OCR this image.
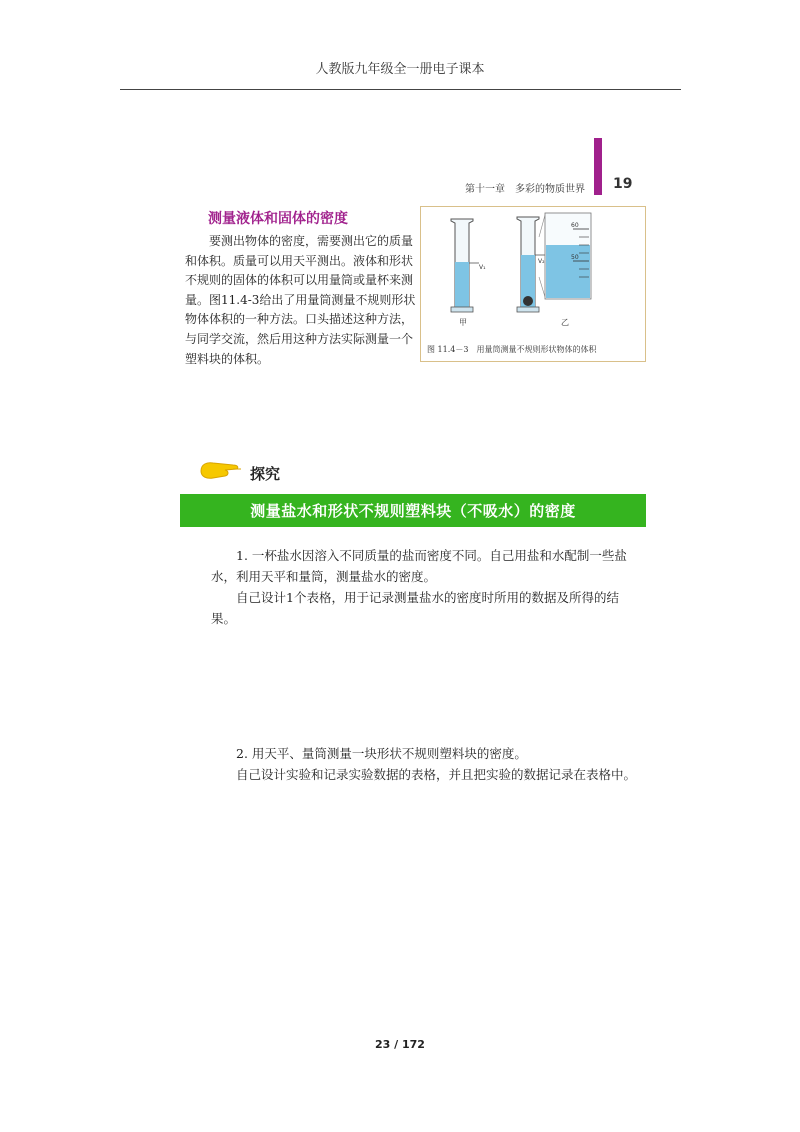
人教版九年级全一册电子课本
第十一章　多彩的物质世界 19
测量液体和固体的密度

要测出物体的密度，需要测出它的质量和体积。质量可以用天平测出。液体和形状不规则的固体的体积可以用量筒或量杯来测量。图11.4-3给出了用量筒测量不规则形状物体体积的一种方法。口头描述这种方法，与同学交流，然后用这种方法实际测量一个塑料块的体积。

V₁
甲
V₂
乙
60
50
图 11.4－3　用量筒测量不规则形状物体的体积
探究
测量盐水和形状不规则塑料块（不吸水）的密度

1. 一杯盐水因溶入不同质量的盐而密度不同。自己用盐和水配制一些盐水，利用天平和量筒，测量盐水的密度。
自己设计1个表格，用于记录测量盐水的密度时所用的数据及所得的结果。

2. 用天平、量筒测量一块形状不规则塑料块的密度。
自己设计实验和记录实验数据的表格，并且把实验的数据记录在表格中。

23 / 172
